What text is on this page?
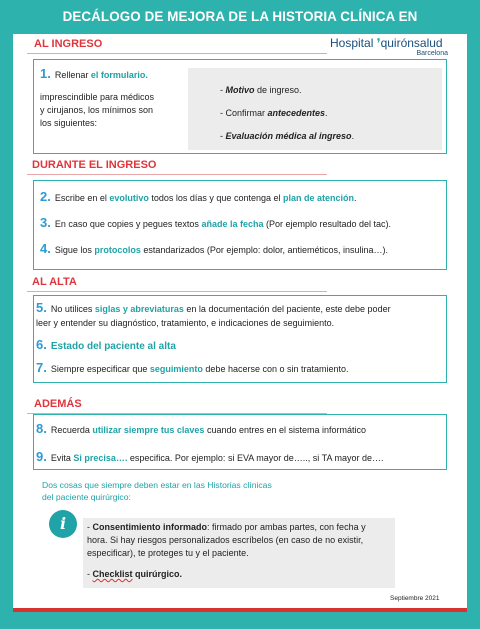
DECÁLOGO DE MEJORA DE LA HISTORIA CLÍNICA EN
Hospital ❜quirónsalud
Barcelona
AL INGRESO
1. Rellenar el formulario.
imprescindible para médicos
y cirujanos, los mínimos son
los siguientes:
- Motivo de ingreso.
- Confirmar antecedentes.
- Evaluación médica al ingreso.
DURANTE EL INGRESO
2. Escribe en el evolutivo todos los días y que contenga el plan de atención.
3. En caso que copies y pegues textos añade la fecha (Por ejemplo resultado del tac).
4. Sigue los protocolos estandarizados (Por ejemplo: dolor, antieméticos, insulina…).
AL ALTA
5. No utilices siglas y abreviaturas en la documentación del paciente, este debe poder
leer y entender su diagnóstico, tratamiento, e indicaciones de seguimiento.
6. Estado del paciente al alta
7. Siempre especificar que seguimiento debe hacerse con o sin tratamiento.
ADEMÁS
8. Recuerda utilizar siempre tus claves cuando entres en el sistema informático
9. Evita Si precisa…. especifica. Por ejemplo: si EVA mayor de….., si TA mayor de….
Dos cosas que siempre deben estar en las Historias clínicas
del paciente quirúrgico:
i	- Consentimiento informado: firmado por ambas partes, con fecha y
hora. Si hay riesgos personalizados escríbelos (en caso de no existir,
especificar), te proteges tu y el paciente.
- Checklist quirúrgico.
Septiembre 2021
